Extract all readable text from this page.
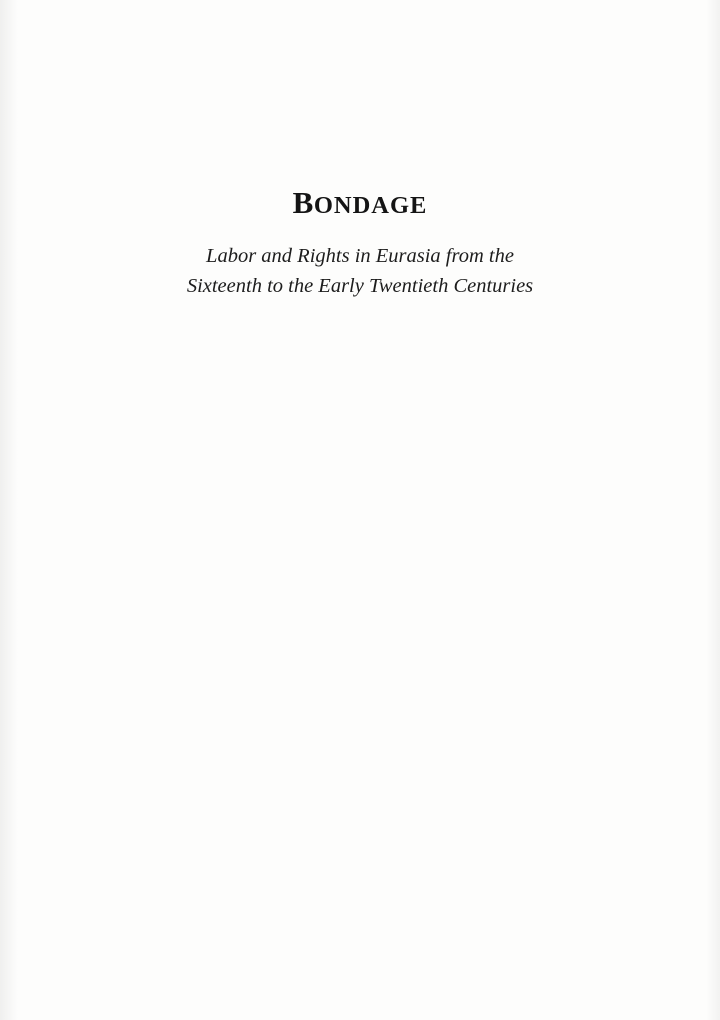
BONDAGE
Labor and Rights in Eurasia from the
Sixteenth to the Early Twentieth Centuries
